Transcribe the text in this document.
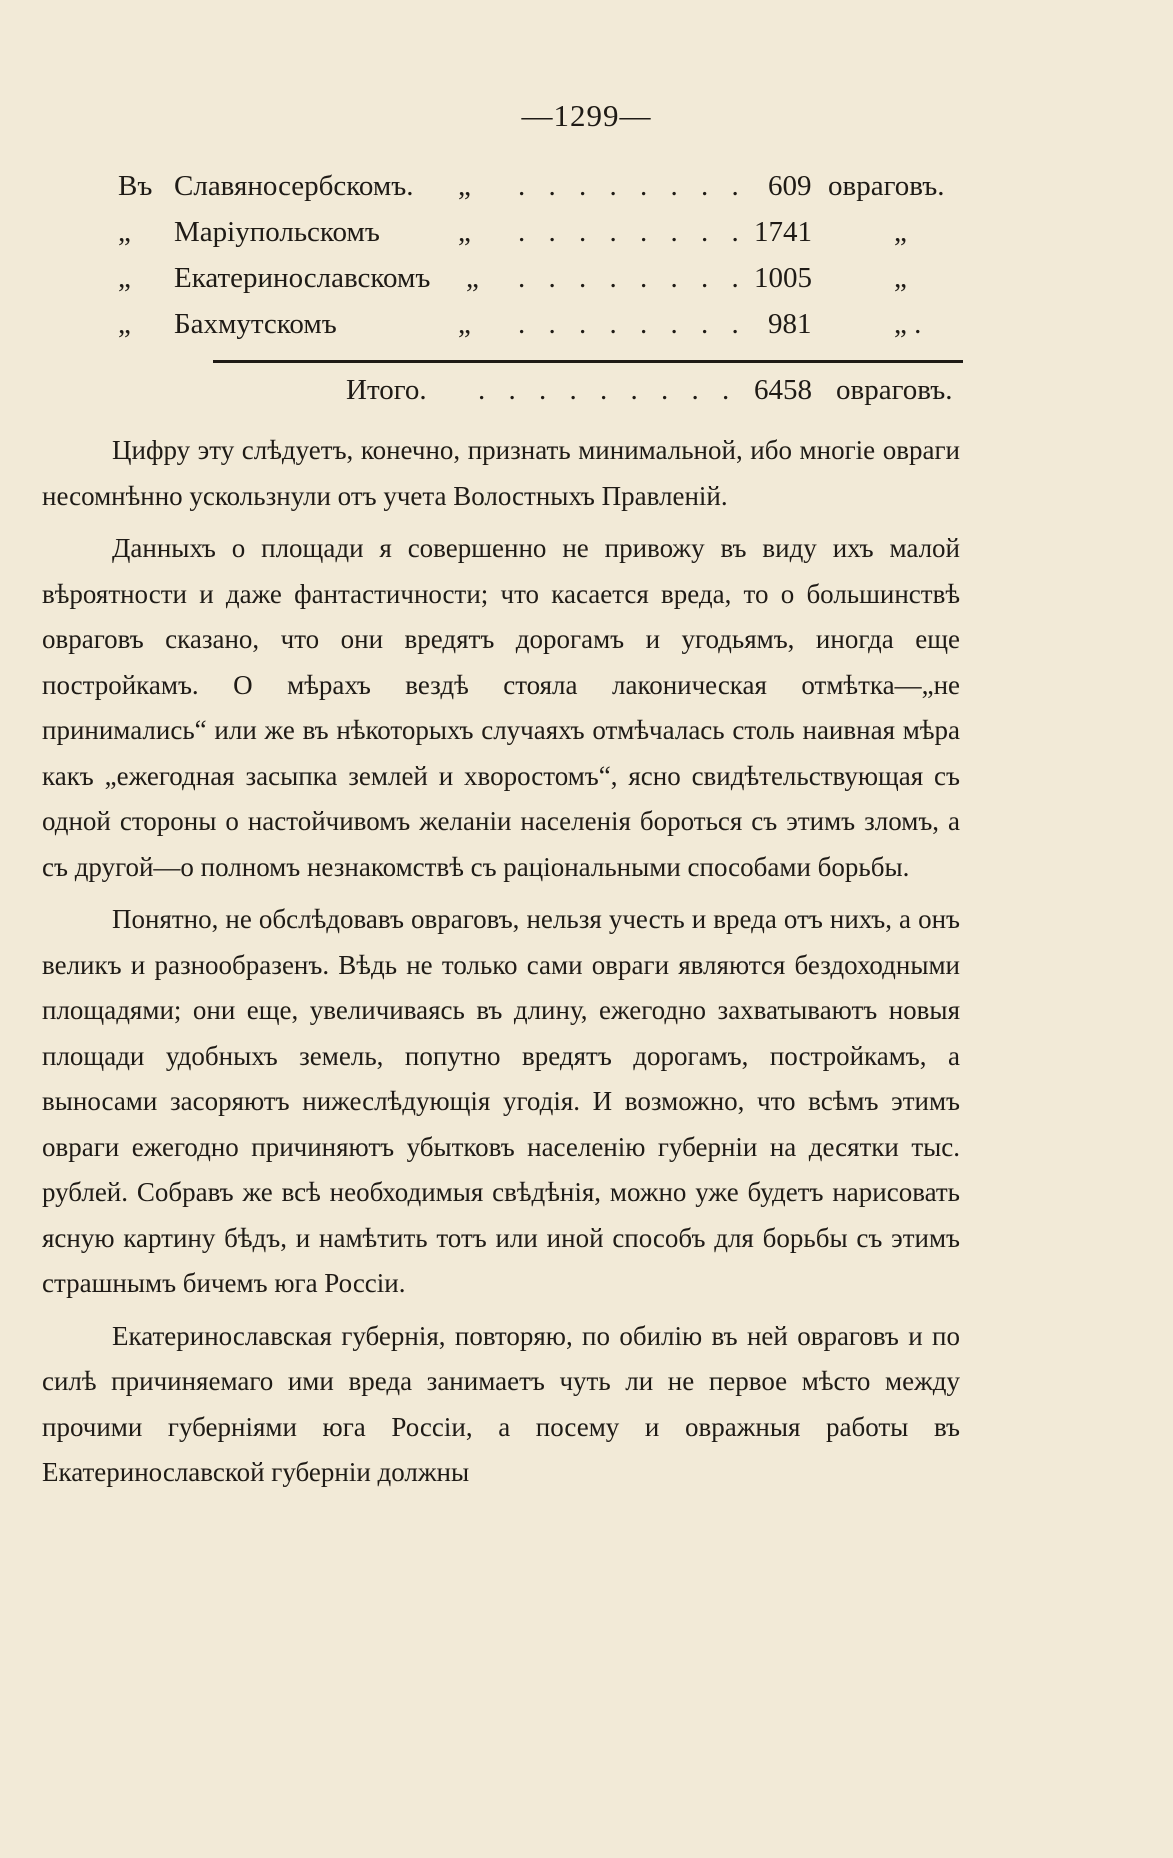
—1299—
Въ Славяносербскомъ. „ . . . . . . . . 609 овраговъ.
„ Маріупольскомъ	„ . . . . . . . . 1741	„
„ Екатеринославскомъ „ . . . . . . . . 1005	„
„ Бахмутскомъ	„ . . . . . . . . 981	„ .
Итого. . . . . . . . . . 6458 овраговъ.

Цифру эту слѣдуетъ, конечно, признать минимальной, ибо многіе овраги несомнѣнно ускользнули отъ учета Волостныхъ Правленій.

Данныхъ о площади я совершенно не привожу въ виду ихъ малой вѣроятности и даже фантастичности; что касается вреда, то о большинствѣ овраговъ сказано, что они вредятъ дорогамъ и угодьямъ, иногда еще постройкамъ. О мѣрахъ вездѣ стояла лаконическая отмѣтка—„не принимались“ или же въ нѣкоторыхъ случаяхъ отмѣчалась столь наивная мѣра какъ „ежегодная засыпка землей и хворостомъ“, ясно свидѣтельствующая съ одной стороны о настойчивомъ желаніи населенія бороться съ этимъ зломъ, а съ другой—о полномъ незнакомствѣ съ раціональными способами борьбы.

Понятно, не обслѣдовавъ овраговъ, нельзя учесть и вреда отъ нихъ, а онъ великъ и разнообразенъ. Вѣдь не только сами овраги являются бездоходными площадями; они еще, увеличиваясь въ длину, ежегодно захватываютъ новыя площади удобныхъ земель, попутно вредятъ дорогамъ, постройкамъ, а выносами засоряютъ нижеслѣдующія угодія. И возможно, что всѣмъ этимъ овраги ежегодно причиняютъ убытковъ населенію губерніи на десятки тыс. рублей. Собравъ же всѣ необходимыя свѣдѣнія, можно уже будетъ нарисовать ясную картину бѣдъ, и намѣтить тотъ или иной способъ для борьбы съ этимъ страшнымъ бичемъ юга Россіи.

Екатеринославская губернія, повторяю, по обилію въ ней овраговъ и по силѣ причиняемаго ими вреда занимаетъ чуть ли не первое мѣсто между прочими губерніями юга Россіи, а посему и овражныя работы въ Екатеринославской губерніи должны
